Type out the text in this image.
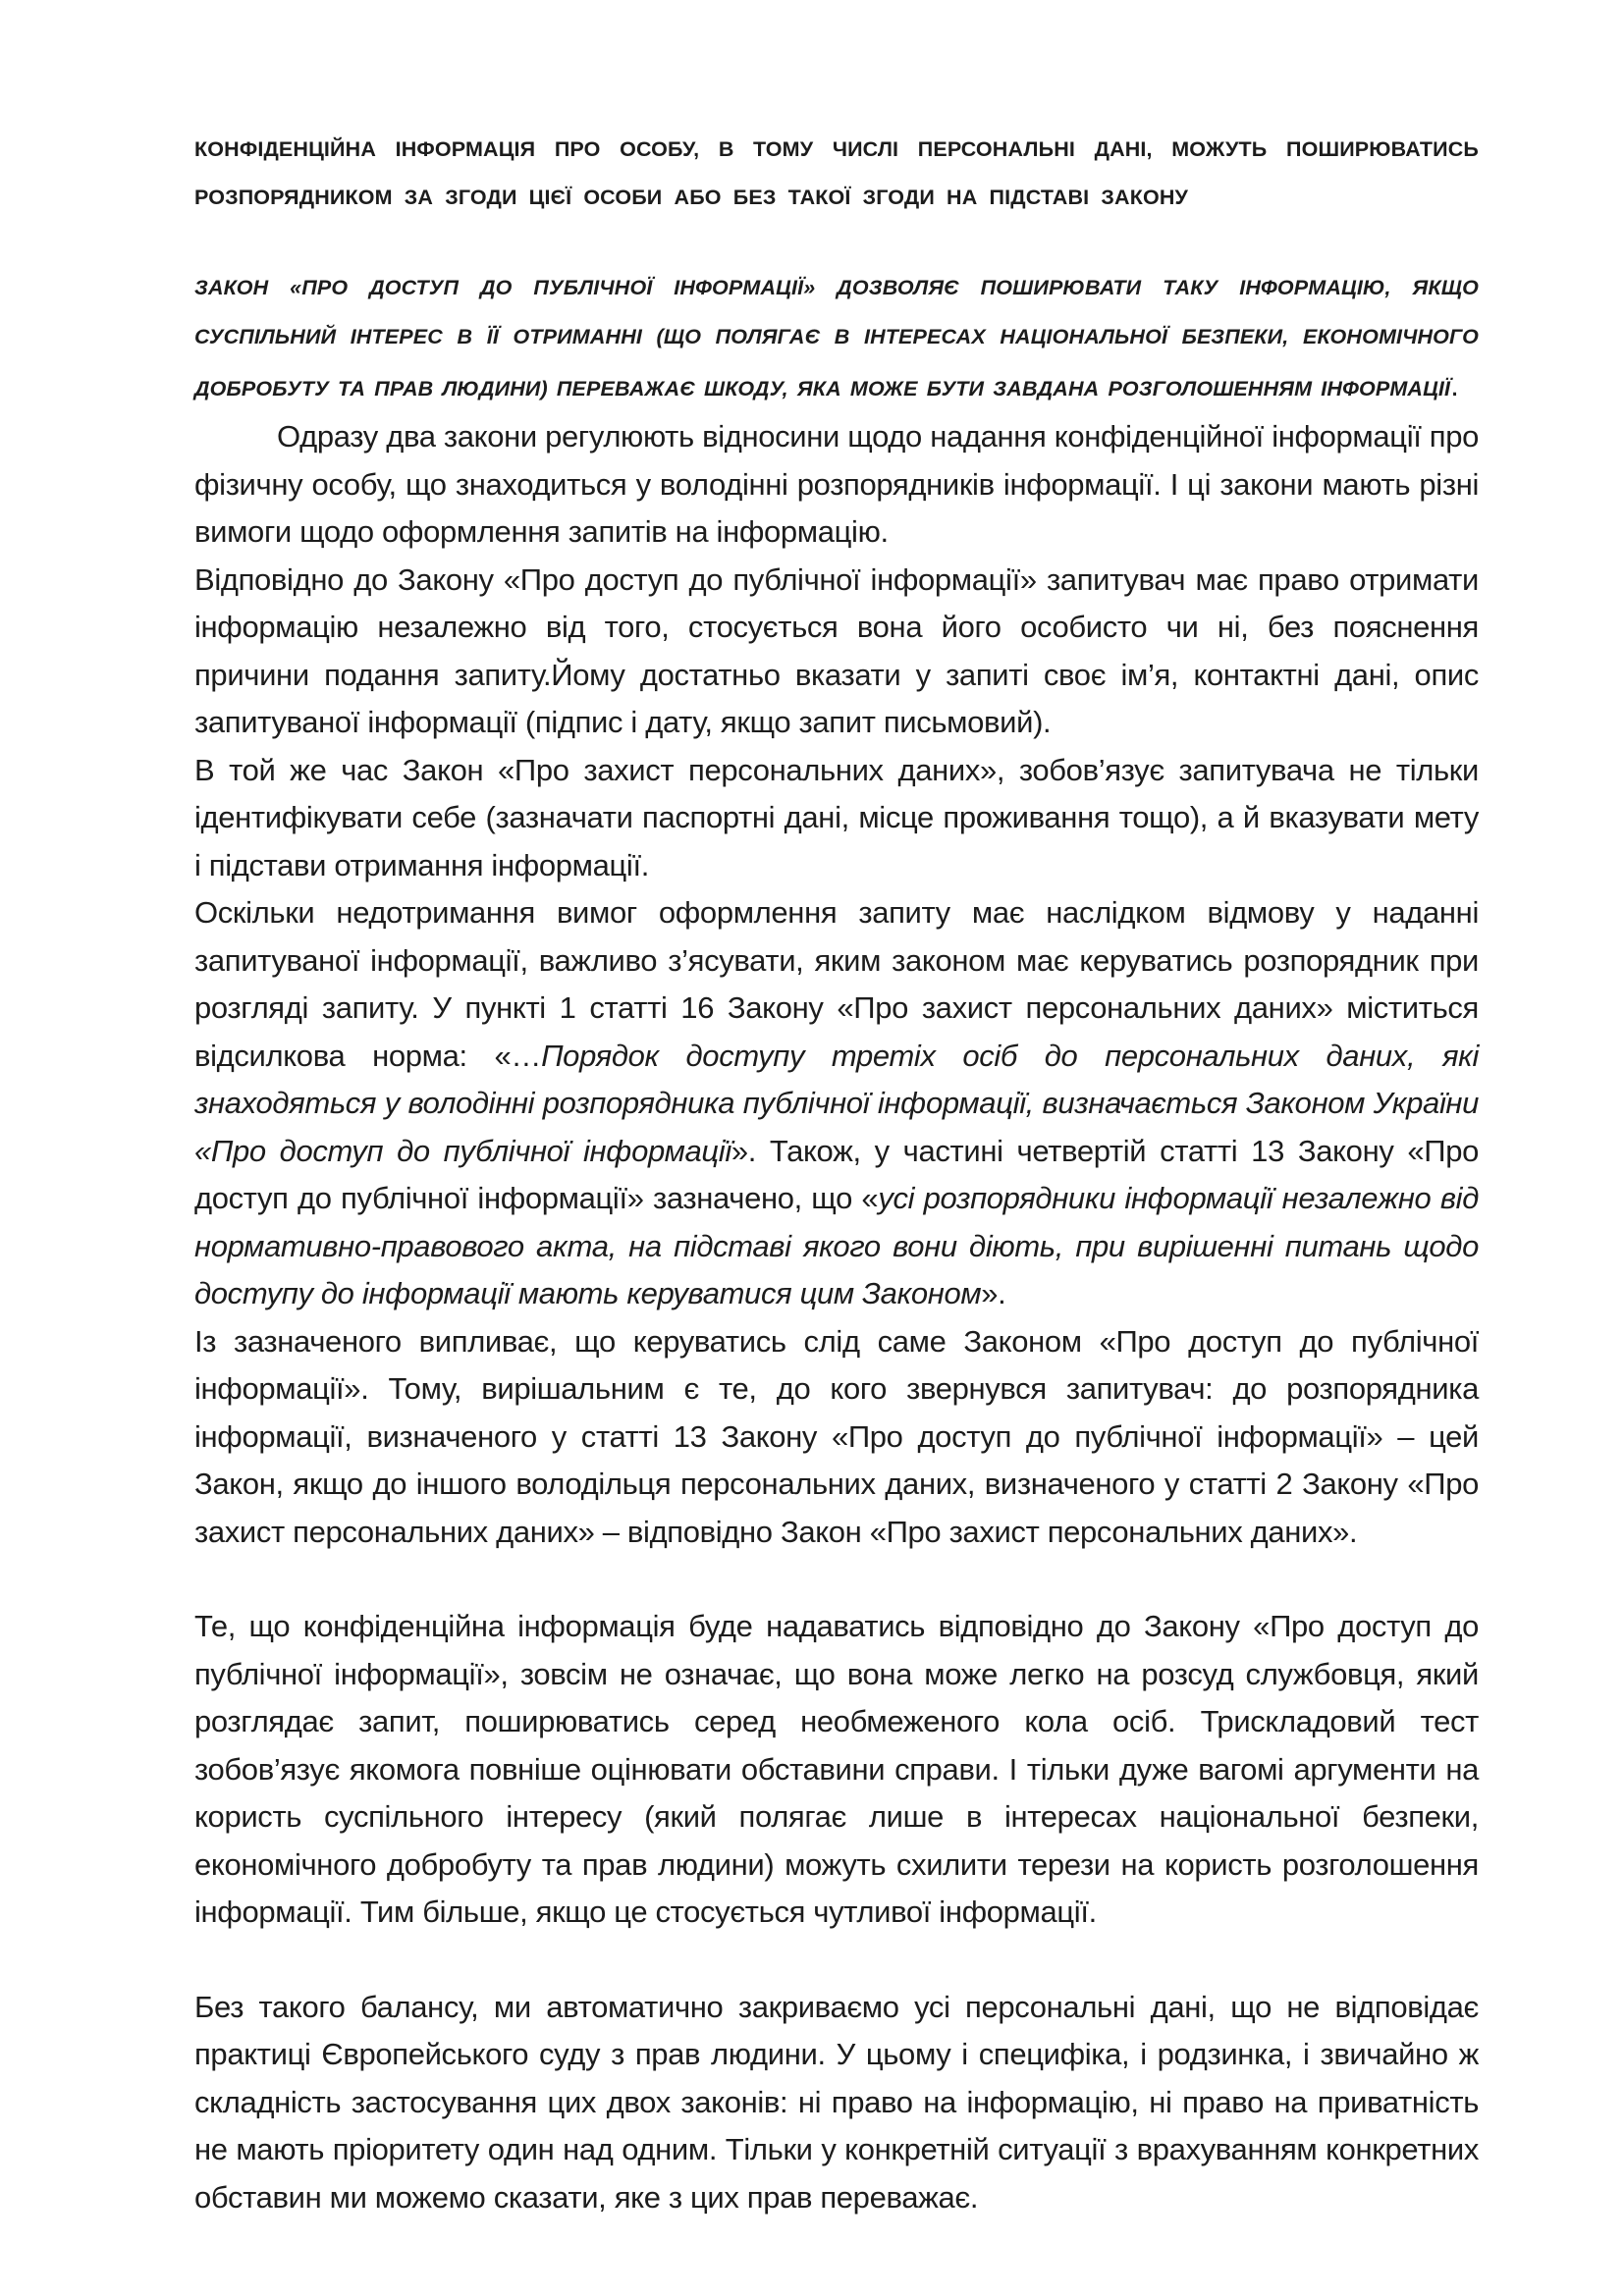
КОНФІДЕНЦІЙНА ІНФОРМАЦІЯ ПРО ОСОБУ, В ТОМУ ЧИСЛІ ПЕРСОНАЛЬНІ ДАНІ, МОЖУТЬ ПОШИРЮВАТИСЬ РОЗПОРЯДНИКОМ ЗА ЗГОДИ ЦІЄЇ ОСОБИ АБО БЕЗ ТАКОЇ ЗГОДИ НА ПІДСТАВІ ЗАКОНУ

ЗАКОН «ПРО ДОСТУП ДО ПУБЛІЧНОЇ ІНФОРМАЦІЇ» ДОЗВОЛЯЄ ПОШИРЮВАТИ ТАКУ ІНФОРМАЦІЮ, ЯКЩО СУСПІЛЬНИЙ ІНТЕРЕС В ЇЇ ОТРИМАННІ (ЩО ПОЛЯГАЄ В ІНТЕРЕСАХ НАЦІОНАЛЬНОЇ БЕЗПЕКИ, ЕКОНОМІЧНОГО ДОБРОБУТУ ТА ПРАВ ЛЮДИНИ) ПЕРЕВАЖАЄ ШКОДУ, ЯКА МОЖЕ БУТИ ЗАВДАНА РОЗГОЛОШЕННЯМ ІНФОРМАЦІЇ.

Одразу два закони регулюють відносини щодо надання конфіденційної інформації про фізичну особу, що знаходиться у володінні розпорядників інформації. І ці закони мають різні вимоги щодо оформлення запитів на інформацію.

Відповідно до Закону «Про доступ до публічної інформації» запитувач має право отримати інформацію незалежно від того, стосується вона його особисто чи ні, без пояснення причини подання запиту.Йому достатньо вказати у запиті своє ім’я, контактні дані, опис запитуваної інформації (підпис і дату, якщо запит письмовий).

В той же час Закон «Про захист персональних даних», зобов’язує запитувача не тільки ідентифікувати себе (зазначати паспортні дані, місце проживання тощо), а й вказувати мету і підстави отримання інформації.

Оскільки недотримання вимог оформлення запиту має наслідком відмову у наданні запитуваної інформації, важливо з’ясувати, яким законом має керуватись розпорядник при розгляді запиту. У пункті 1 статті 16 Закону «Про захист персональних даних» міститься відсилкова норма: «…Порядок доступу третіх осіб до персональних даних, які знаходяться у володінні розпорядника публічної інформації, визначається Законом України «Про доступ до публічної інформації». Також, у частині четвертій статті 13 Закону «Про доступ до публічної інформації» зазначено, що «усі розпорядники інформації незалежно від нормативно-правового акта, на підставі якого вони діють, при вирішенні питань щодо доступу до інформації мають керуватися цим Законом».

Із зазначеного випливає, що керуватись слід саме Законом «Про доступ до публічної інформації». Тому, вирішальним є те, до кого звернувся запитувач: до розпорядника інформації, визначеного у статті 13 Закону «Про доступ до публічної інформації» – цей Закон, якщо до іншого володільця персональних даних, визначеного у статті 2 Закону «Про захист персональних даних» – відповідно Закон «Про захист персональних даних».

Те, що конфіденційна інформація буде надаватись відповідно до Закону «Про доступ до публічної інформації», зовсім не означає, що вона може легко на розсуд службовця, який розглядає запит, поширюватись серед необмеженого кола осіб. Трискладовий тест зобов’язує якомога повніше оцінювати обставини справи. І тільки дуже вагомі аргументи на користь суспільного інтересу (який полягає лише в інтересах національної безпеки, економічного добробуту та прав людини) можуть схилити терези на користь розголошення інформації. Тим більше, якщо це стосується чутливої інформації.

Без такого балансу, ми автоматично закриваємо усі персональні дані, що не відповідає практиці Європейського суду з прав людини. У цьому і специфіка, і родзинка, і звичайно ж складність застосування цих двох законів: ні право на інформацію, ні право на приватність не мають пріоритету один над одним. Тільки у конкретній ситуації з врахуванням конкретних обставин ми можемо сказати, яке з цих прав переважає.
